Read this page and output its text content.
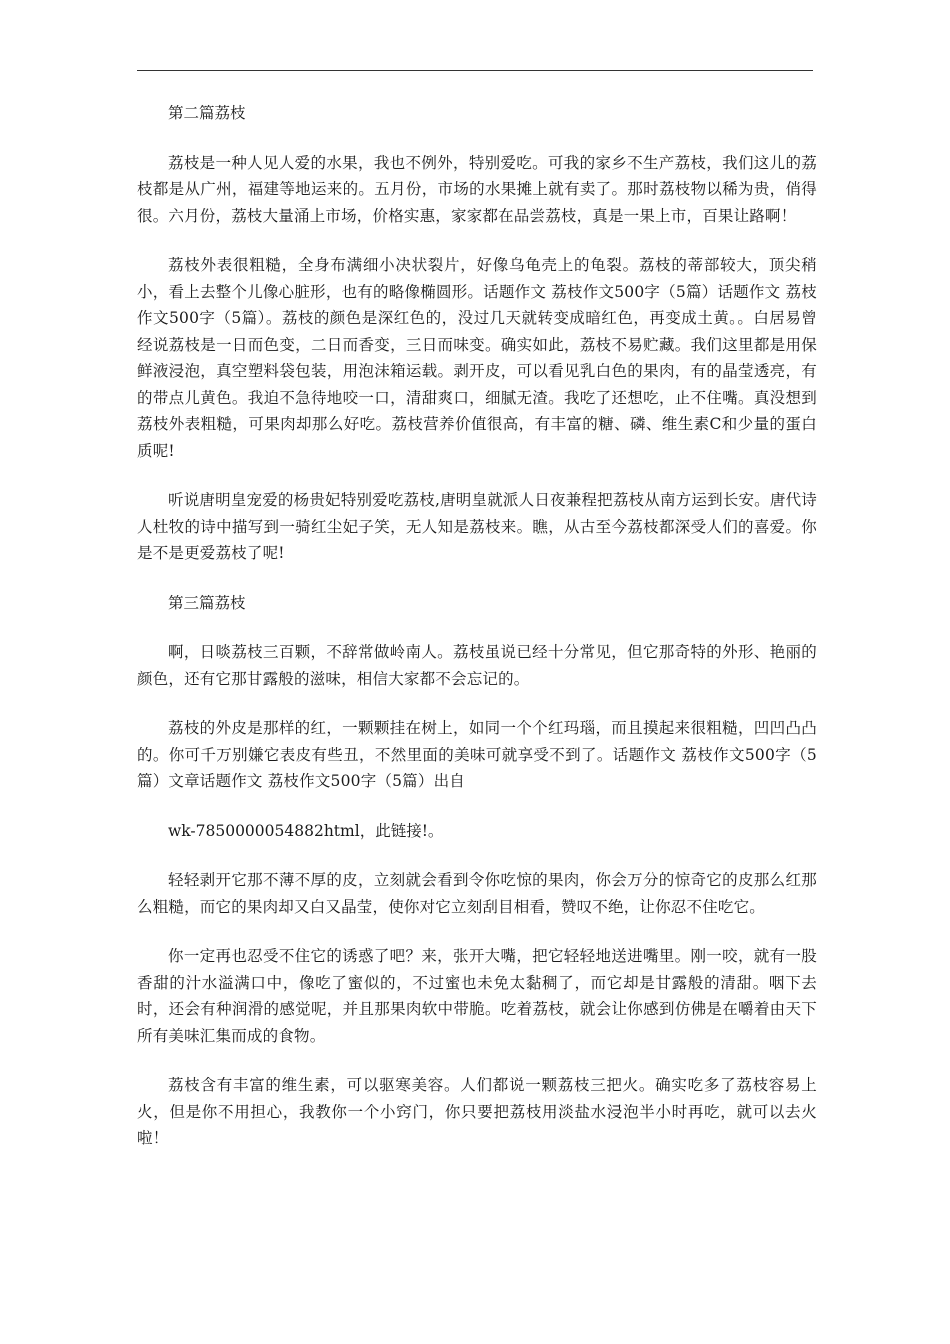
第二篇荔枝

荔枝是一种人见人爱的水果，我也不例外，特别爱吃。可我的家乡不生产荔枝，我们这儿的荔枝都是从广州，福建等地运来的。五月份，市场的水果摊上就有卖了。那时荔枝物以稀为贵，俏得很。六月份，荔枝大量涌上市场，价格实惠，家家都在品尝荔枝，真是一果上市，百果让路啊！

荔枝外表很粗糙，全身布满细小决状裂片，好像乌龟壳上的龟裂。荔枝的蒂部较大，顶尖稍小，看上去整个儿像心脏形，也有的略像椭圆形。话题作文 荔枝作文500字（5篇）话题作文 荔枝作文500字（5篇）。荔枝的颜色是深红色的，没过几天就转变成暗红色，再变成土黄。。白居易曾经说荔枝是一日而色变，二日而香变，三日而味变。确实如此，荔枝不易贮藏。我们这里都是用保鲜液浸泡，真空塑料袋包装，用泡沫箱运载。剥开皮，可以看见乳白色的果肉，有的晶莹透亮，有的带点儿黄色。我迫不急待地咬一口，清甜爽口，细腻无渣。我吃了还想吃，止不住嘴。真没想到荔枝外表粗糙，可果肉却那么好吃。荔枝营养价值很高，有丰富的糖、磷、维生素C和少量的蛋白质呢!

听说唐明皇宠爱的杨贵妃特别爱吃荔枝,唐明皇就派人日夜兼程把荔枝从南方运到长安。唐代诗人杜牧的诗中描写到一骑红尘妃子笑，无人知是荔枝来。瞧，从古至今荔枝都深受人们的喜爱。你是不是更爱荔枝了呢!

第三篇荔枝

啊，日啖荔枝三百颗，不辞常做岭南人。荔枝虽说已经十分常见，但它那奇特的外形、艳丽的颜色，还有它那甘露般的滋味，相信大家都不会忘记的。

荔枝的外皮是那样的红，一颗颗挂在树上，如同一个个红玛瑙，而且摸起来很粗糙，凹凹凸凸的。你可千万别嫌它表皮有些丑，不然里面的美味可就享受不到了。话题作文 荔枝作文500字（5篇）文章话题作文 荔枝作文500字（5篇）出自

wk-7850000054882html，此链接!。

轻轻剥开它那不薄不厚的皮，立刻就会看到令你吃惊的果肉，你会万分的惊奇它的皮那么红那么粗糙，而它的果肉却又白又晶莹，使你对它立刻刮目相看，赞叹不绝，让你忍不住吃它。

你一定再也忍受不住它的诱惑了吧？来，张开大嘴，把它轻轻地送进嘴里。刚一咬，就有一股香甜的汁水溢满口中，像吃了蜜似的，不过蜜也未免太黏稠了，而它却是甘露般的清甜。咽下去时，还会有种润滑的感觉呢，并且那果肉软中带脆。吃着荔枝，就会让你感到仿佛是在嚼着由天下所有美味汇集而成的食物。

荔枝含有丰富的维生素，可以驱寒美容。人们都说一颗荔枝三把火。确实吃多了荔枝容易上火，但是你不用担心，我教你一个小窍门，你只要把荔枝用淡盐水浸泡半小时再吃，就可以去火啦！
